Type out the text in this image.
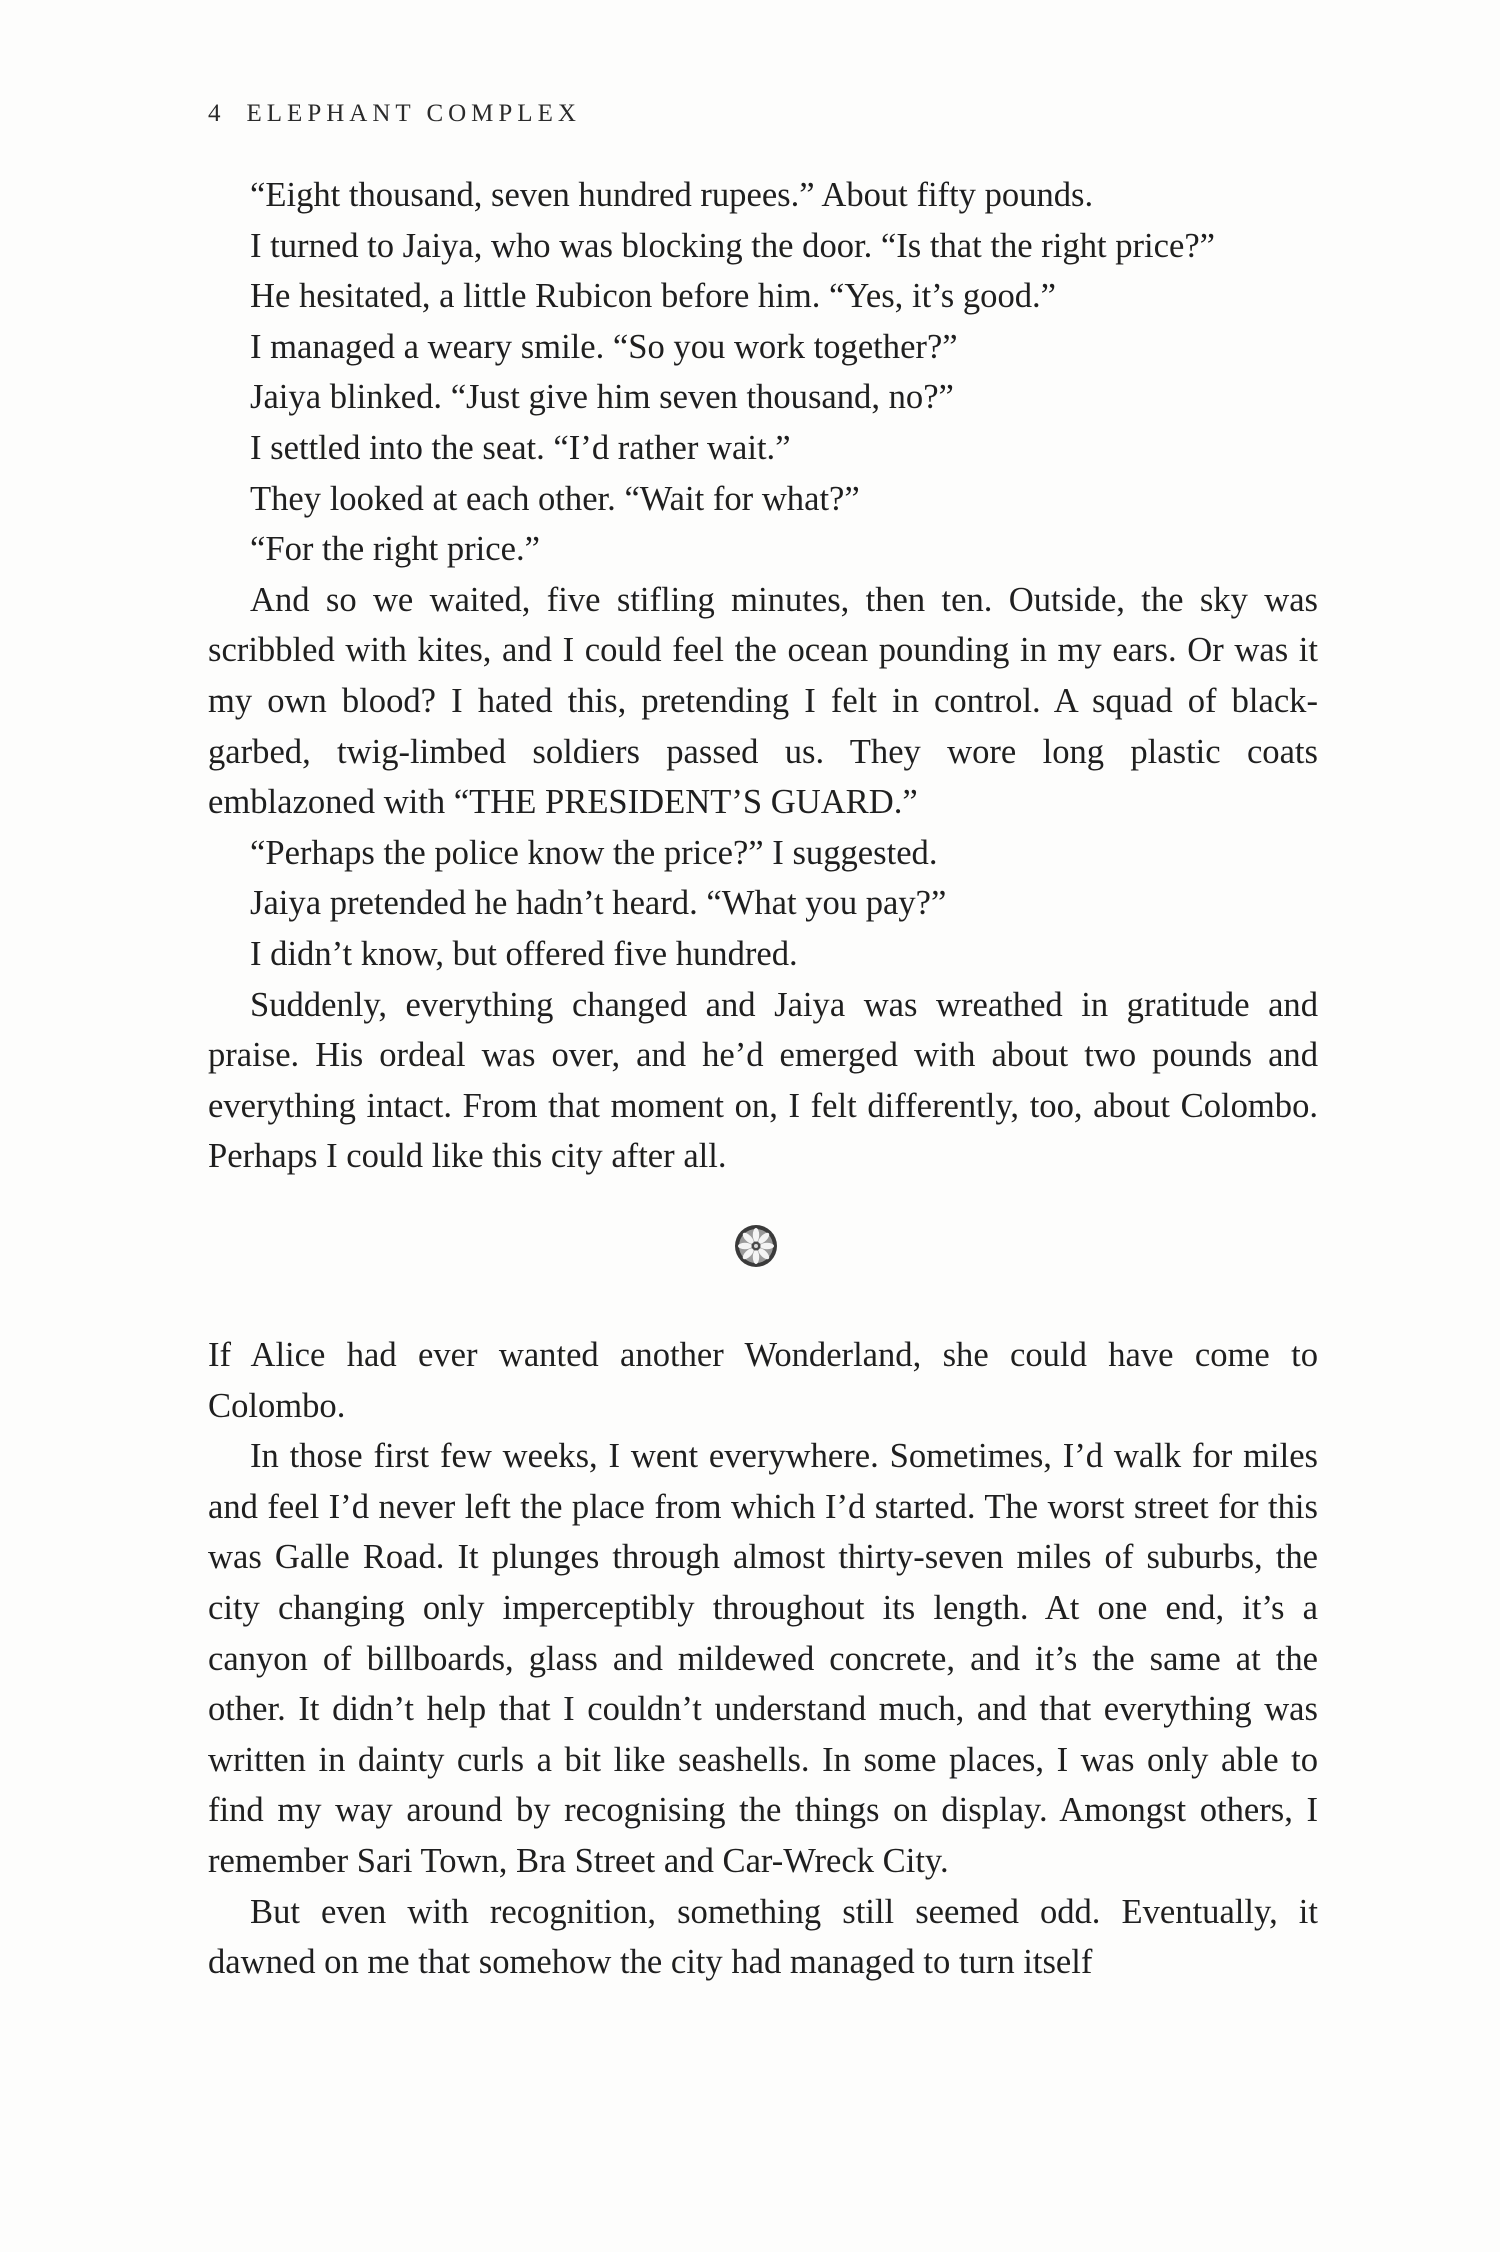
4 ELEPHANT COMPLEX

“Eight thousand, seven hundred rupees.” About fifty pounds.

I turned to Jaiya, who was blocking the door. “Is that the right price?”

He hesitated, a little Rubicon before him. “Yes, it’s good.”

I managed a weary smile. “So you work together?”

Jaiya blinked. “Just give him seven thousand, no?”

I settled into the seat. “I’d rather wait.”

They looked at each other. “Wait for what?”

“For the right price.”

And so we waited, five stifling minutes, then ten. Outside, the sky was scribbled with kites, and I could feel the ocean pounding in my ears. Or was it my own blood? I hated this, pretending I felt in control. A squad of black-garbed, twig-limbed soldiers passed us. They wore long plastic coats emblazoned with “THE PRESIDENT’S GUARD.”

“Perhaps the police know the price?” I suggested.

Jaiya pretended he hadn’t heard. “What you pay?”

I didn’t know, but offered five hundred.

Suddenly, everything changed and Jaiya was wreathed in gratitude and praise. His ordeal was over, and he’d emerged with about two pounds and everything intact. From that moment on, I felt differently, too, about Colombo. Perhaps I could like this city after all.

If Alice had ever wanted another Wonderland, she could have come to Colombo.

In those first few weeks, I went everywhere. Sometimes, I’d walk for miles and feel I’d never left the place from which I’d started. The worst street for this was Galle Road. It plunges through almost thirty-seven miles of suburbs, the city changing only imperceptibly throughout its length. At one end, it’s a canyon of billboards, glass and mildewed concrete, and it’s the same at the other. It didn’t help that I couldn’t understand much, and that everything was written in dainty curls a bit like seashells. In some places, I was only able to find my way around by recognising the things on display. Amongst others, I remember Sari Town, Bra Street and Car-Wreck City.

But even with recognition, something still seemed odd. Eventually, it dawned on me that somehow the city had managed to turn itself
